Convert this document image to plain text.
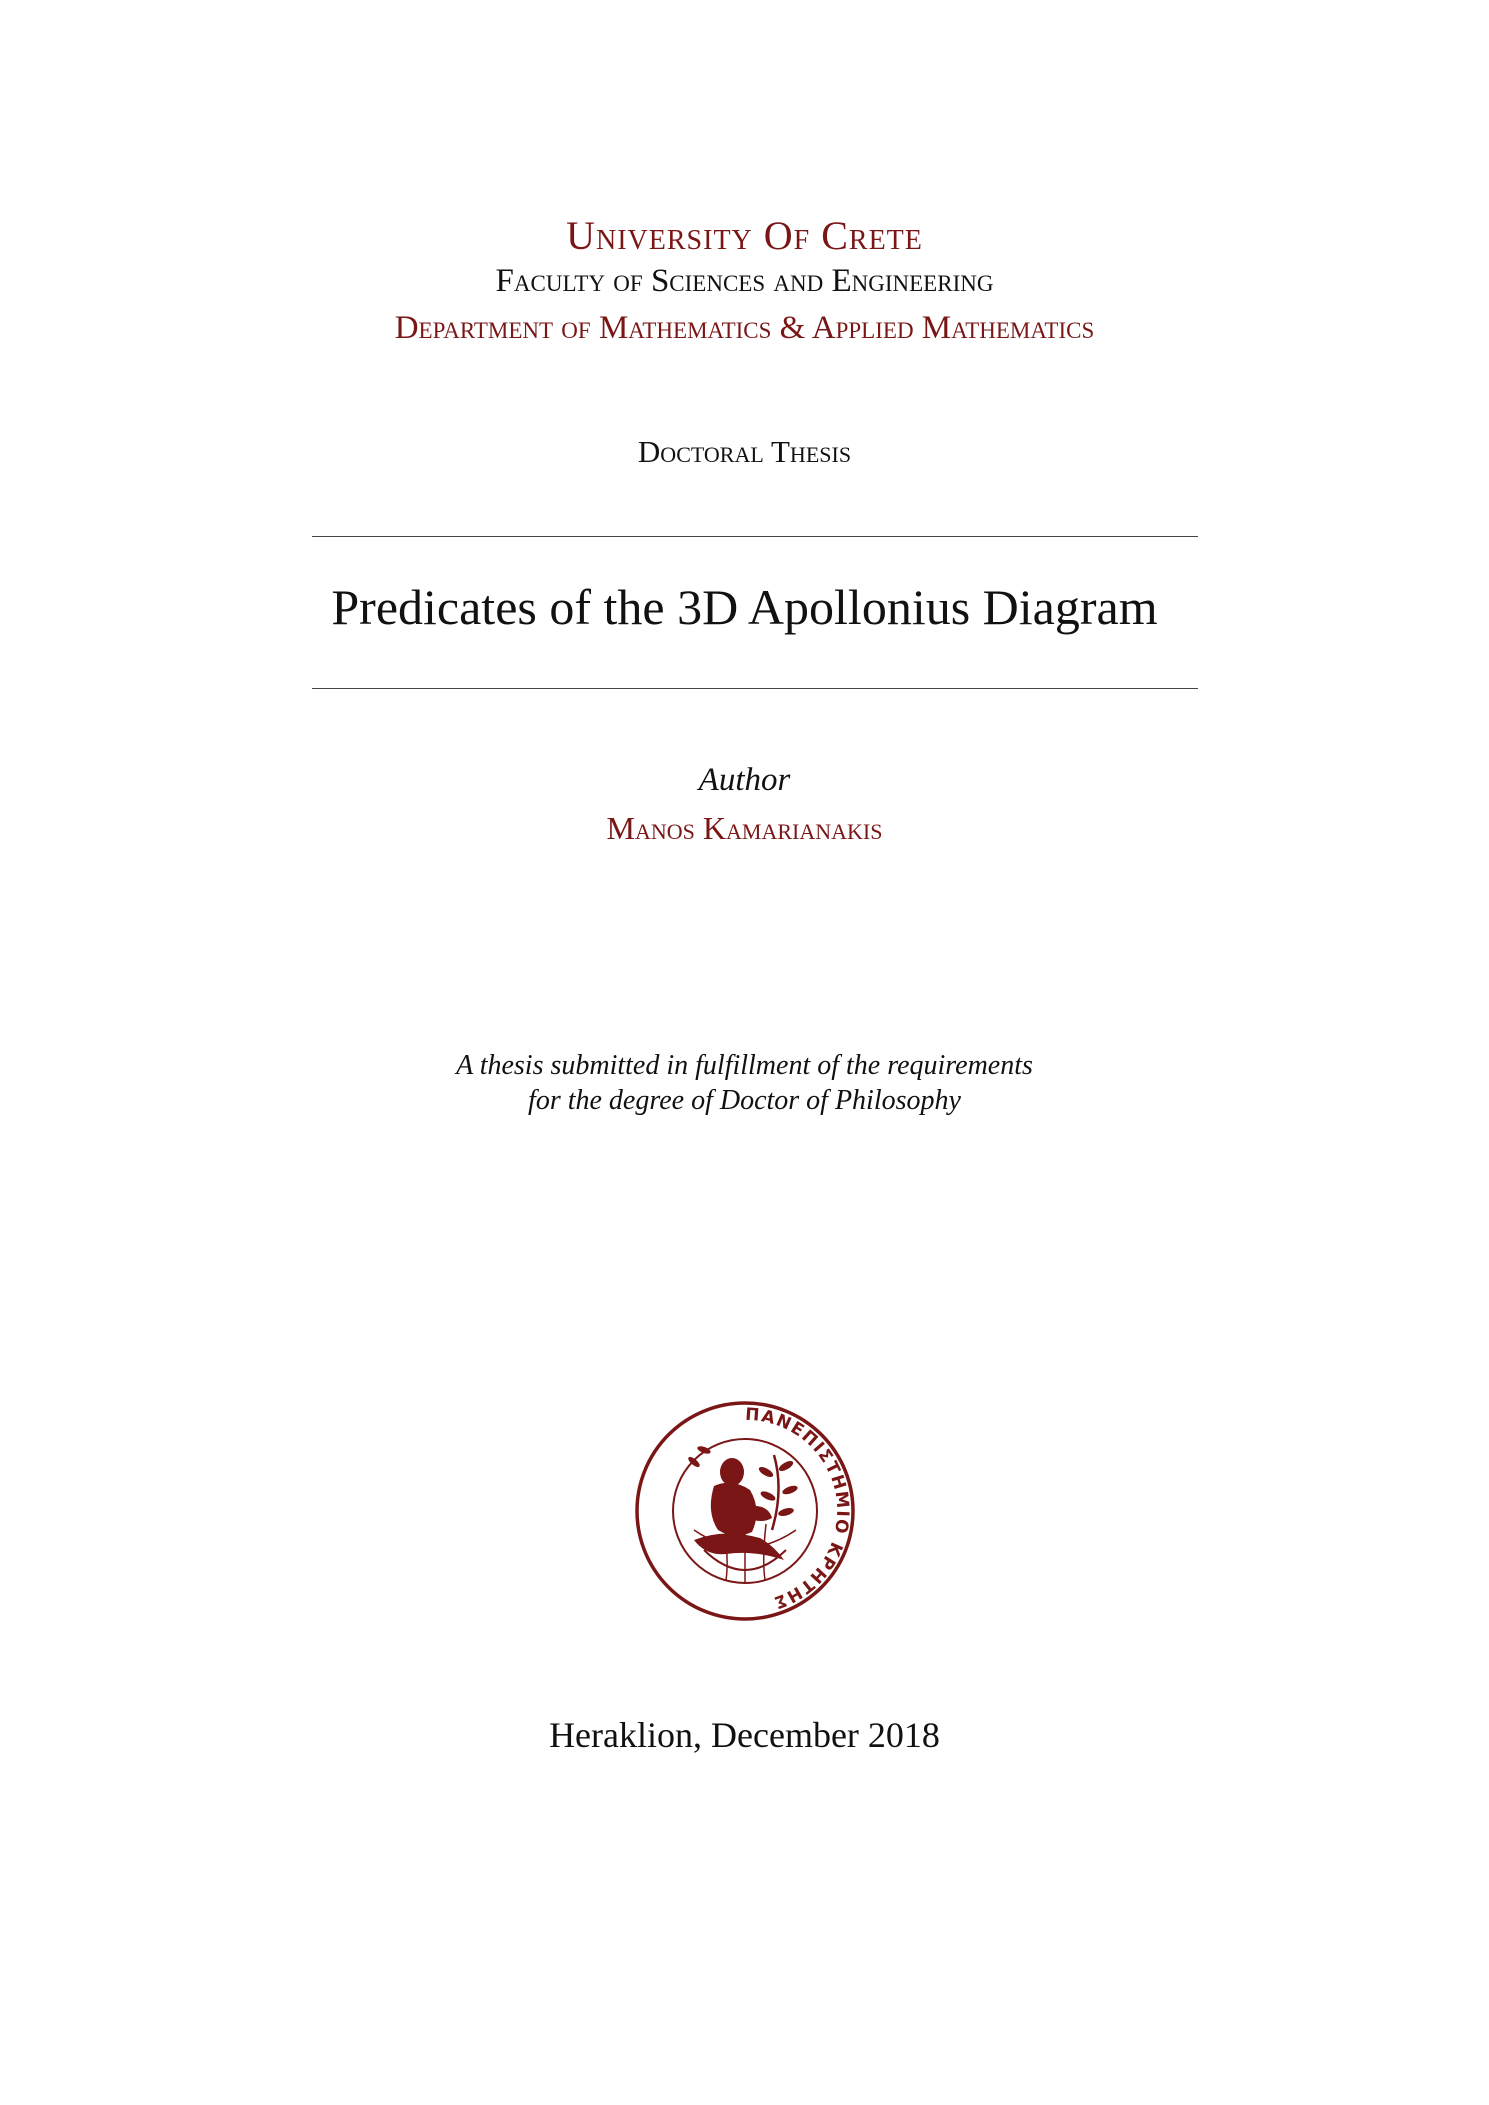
University Of Crete
Faculty of Sciences and Engineering
Department of Mathematics & Applied Mathematics
Doctoral Thesis
Predicates of the 3D Apollonius Diagram
Author
Manos Kamarianakis
A thesis submitted in fulfillment of the requirements
for the degree of Doctor of Philosophy
ΠΑΝΕΠΙΣΤΗΜΙΟ ΚΡΗΤΗΣ
Heraklion, December 2018
